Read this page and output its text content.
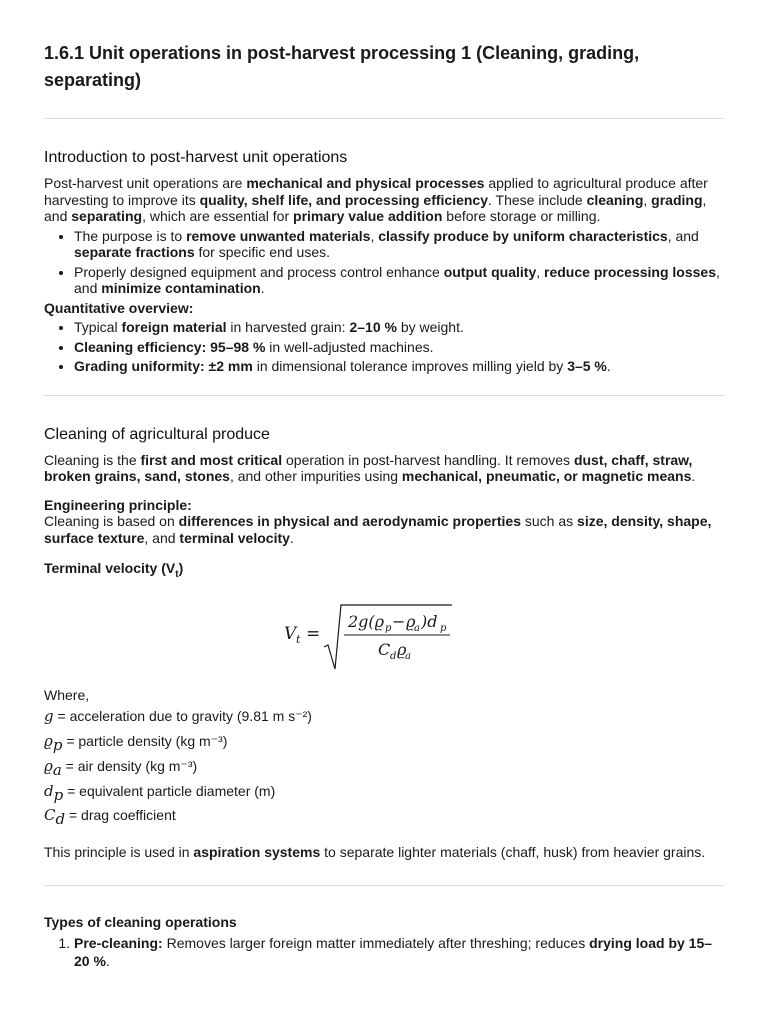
1.6.1 Unit operations in post-harvest processing 1 (Cleaning, grading, separating)
Introduction to post-harvest unit operations

Post-harvest unit operations are mechanical and physical processes applied to agricultural produce after harvesting to improve its quality, shelf life, and processing efficiency. These include cleaning, grading, and separating, which are essential for primary value addition before storage or milling.

• The purpose is to remove unwanted materials, classify produce by uniform characteristics, and separate fractions for specific end uses.
• Properly designed equipment and process control enhance output quality, reduce processing losses, and minimize contamination.

Quantitative overview:

• Typical foreign material in harvested grain: 2–10 % by weight.
• Cleaning efficiency: 95–98 % in well-adjusted machines.
• Grading uniformity: ±2 mm in dimensional tolerance improves milling yield by 3–5 %.
Cleaning of agricultural produce

Cleaning is the first and most critical operation in post-harvest handling. It removes dust, chaff, straw, broken grains, sand, stones, and other impurities using mechanical, pneumatic, or magnetic means.

Engineering principle:

Cleaning is based on differences in physical and aerodynamic properties such as size, density, shape, surface texture, and terminal velocity.

Terminal velocity $(V_t)$

V t =
2g(ϱ p − ϱ
a )d p
C d ϱ
a

Where,

g = acceleration due to gravity (9.81 m s⁻²)

$ϱ_p$ = particle density (kg m⁻³)

$ϱ_a$ = air density (kg m⁻³)

$d_p$ = equivalent particle diameter (m)

$C_d$ = drag coefficient

This principle is used in aspiration systems to separate lighter materials (chaff, husk) from heavier grains.

Types of cleaning operations

1. Pre-cleaning: Removes larger foreign matter immediately after threshing; reduces drying load by 15–20 %.
